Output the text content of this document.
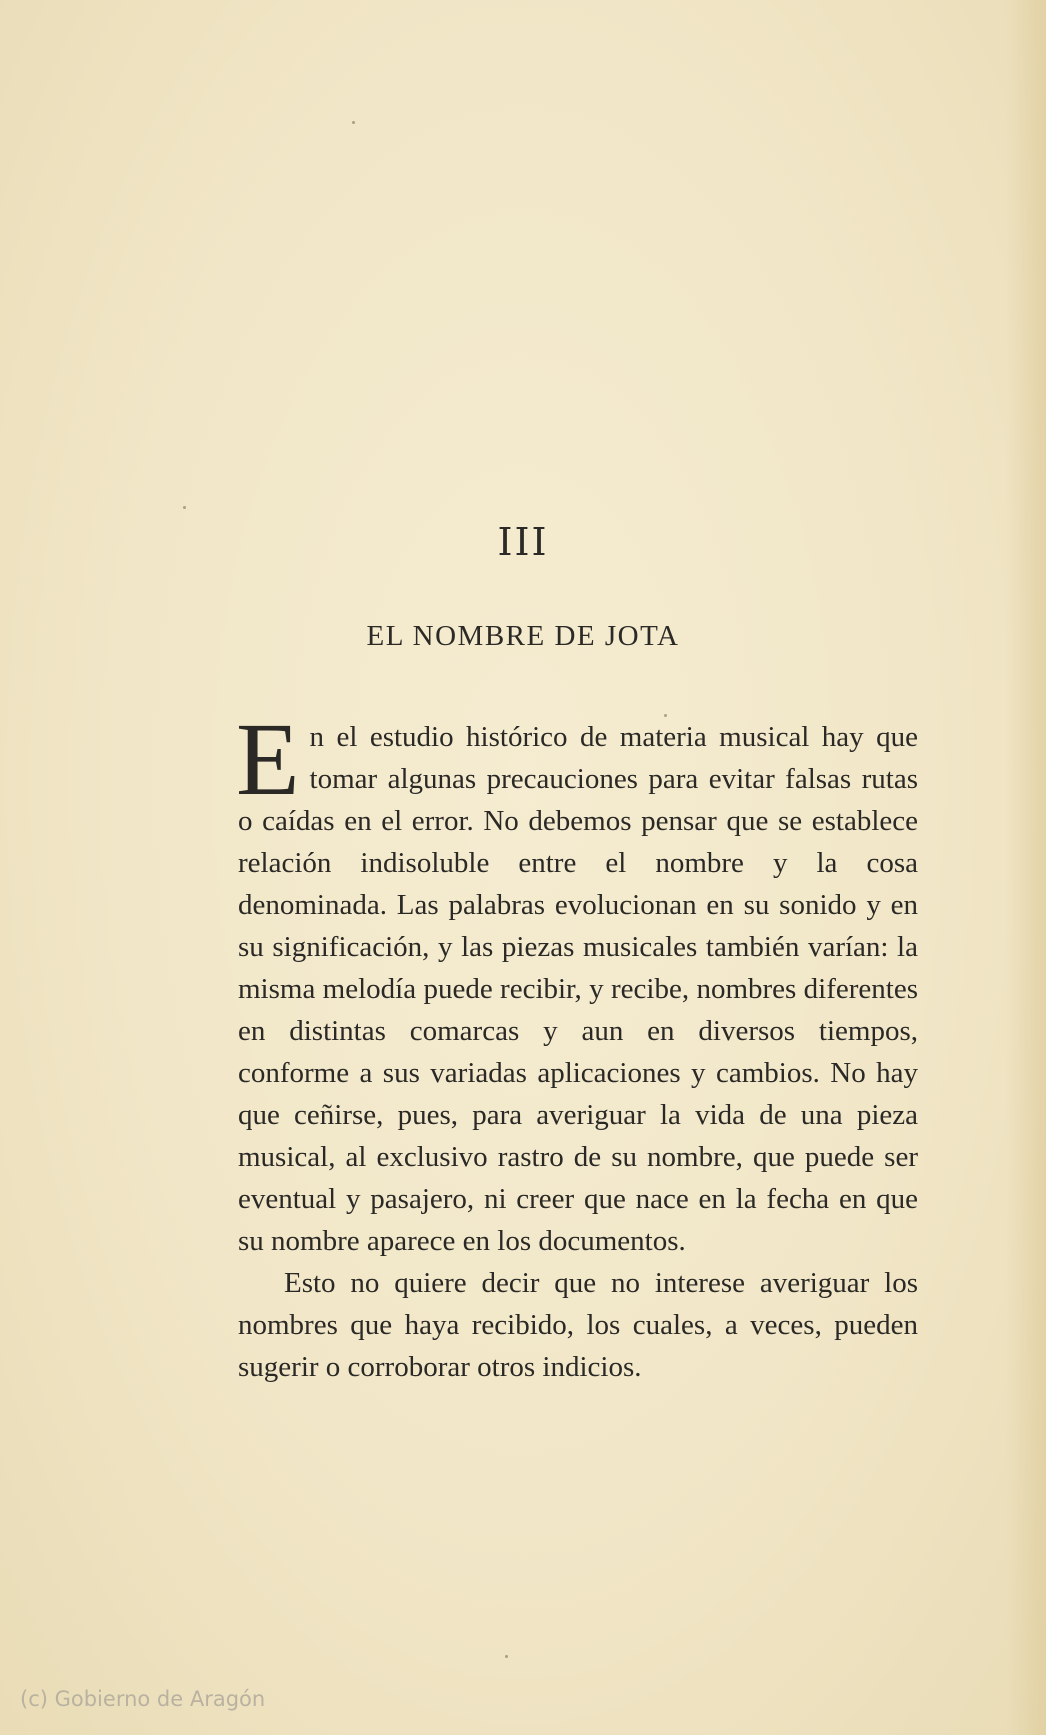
III
EL NOMBRE DE JOTA

En el estudio histórico de materia musical hay que tomar algunas precauciones para evitar falsas rutas o caídas en el error. No debemos pensar que se establece relación indisoluble entre el nombre y la cosa denominada. Las palabras evolucionan en su sonido y en su significación, y las piezas musicales también varían: la misma melodía puede recibir, y recibe, nombres diferentes en distintas comarcas y aun en diversos tiempos, conforme a sus variadas aplicaciones y cambios. No hay que ceñirse, pues, para averiguar la vida de una pieza musical, al exclusivo rastro de su nombre, que puede ser eventual y pasajero, ni creer que nace en la fecha en que su nombre aparece en los documentos.

Esto no quiere decir que no interese averiguar los nombres que haya recibido, los cuales, a veces, pueden sugerir o corroborar otros indicios.

(c) Gobierno de Aragón
